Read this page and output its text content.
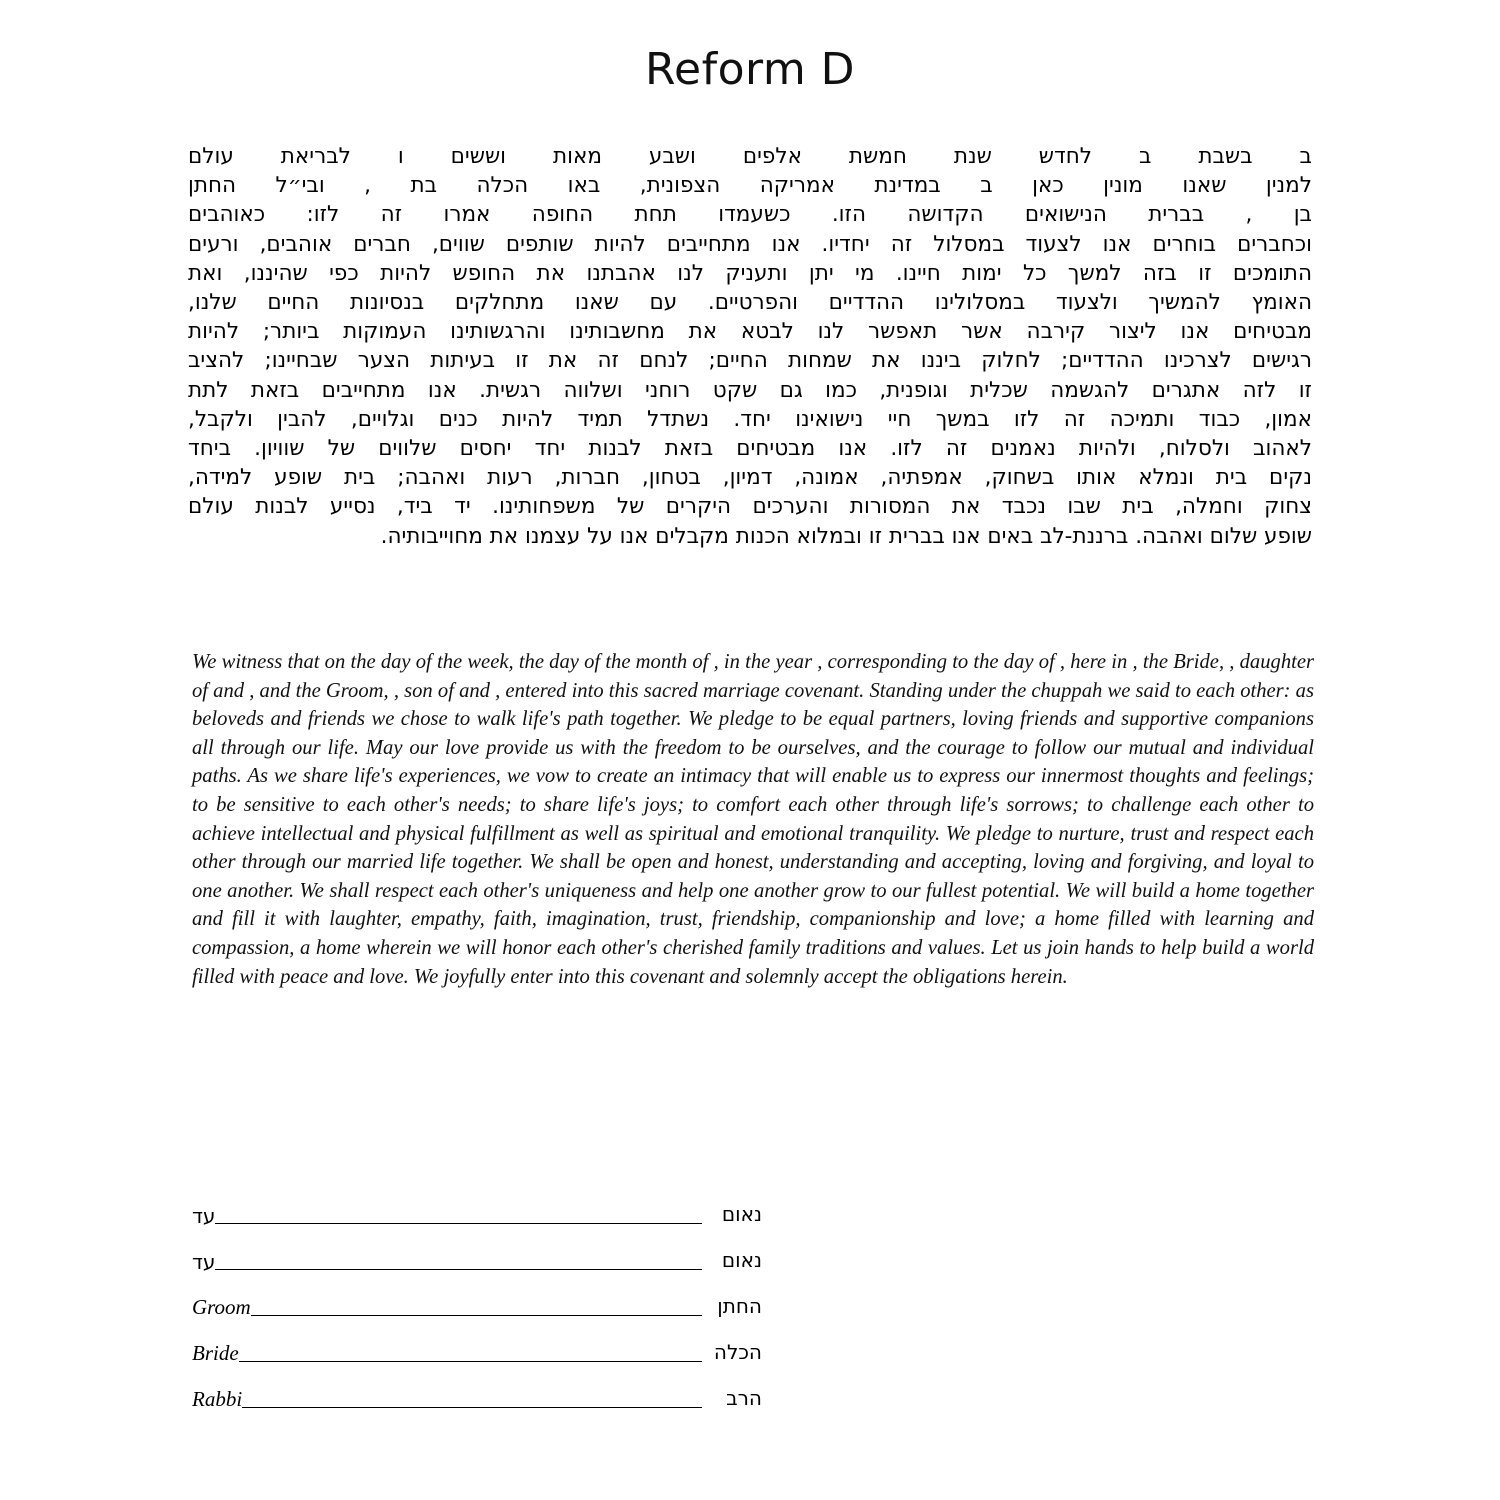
Reform D

ב בשבת ב לחדש שנת חמשת אלפים ושבע מאות וששים ו לבריאת עולם

למנין שאנו מונין כאן ב במדינת אמריקה הצפונית, באו הכלה בת , ובי״ל החתן

בן , בברית הנישואים הקדושה הזו. כשעמדו תחת החופה אמרו זה לזו: כאוהבים

וכחברים בוחרים אנו לצעוד במסלול זה יחדיו. אנו מתחייבים להיות שותפים שווים, חברים אוהבים, ורעים

התומכים זו בזה למשך כל ימות חיינו. מי יתן ותעניק לנו אהבתנו את החופש להיות כפי שהיננו, ואת

האומץ להמשיך ולצעוד במסלולינו ההדדיים והפרטיים. עם שאנו מתחלקים בנסיונות החיים שלנו,

מבטיחים אנו ליצור קירבה אשר תאפשר לנו לבטא את מחשבותינו והרגשותינו העמוקות ביותר; להיות

רגישים לצרכינו ההדדיים; לחלוק ביננו את שמחות החיים; לנחם זה את זו בעיתות הצער שבחיינו; להציב

זו לזה אתגרים להגשמה שכלית וגופנית, כמו גם שקט רוחני ושלווה רגשית. אנו מתחייבים בזאת לתת

אמון, כבוד ותמיכה זה לזו במשך חיי נישואינו יחד. נשתדל תמיד להיות כנים וגלויים, להבין ולקבל,

לאהוב ולסלוח, ולהיות נאמנים זה לזו. אנו מבטיחים בזאת לבנות יחד יחסים שלווים של שוויון. ביחד

נקים בית ונמלא אותו בשחוק, אמפתיה, אמונה, דמיון, בטחון, חברות, רעות ואהבה; בית שופע למידה,

צחוק וחמלה, בית שבו נכבד את המסורות והערכים היקרים של משפחותינו. יד ביד, נסייע לבנות עולם

שופע שלום ואהבה. ברננת-לב באים אנו בברית זו ובמלוא הכנות מקבלים אנו על עצמנו את מחוייבותיה.

We witness that on the day of the week, the day of the month of , in the year , corresponding to the day of , here in , the Bride, , daughter of and , and the Groom, , son of and , entered into this sacred marriage covenant. Standing under the chuppah we said to each other: as beloveds and friends we chose to walk life's path together. We pledge to be equal partners, loving friends and supportive companions all through our life. May our love provide us with the freedom to be ourselves, and the courage to follow our mutual and individual paths. As we share life's experiences, we vow to create an intimacy that will enable us to express our innermost thoughts and feelings; to be sensitive to each other's needs; to share life's joys; to comfort each other through life's sorrows; to challenge each other to achieve intellectual and physical fulfillment as well as spiritual and emotional tranquility. We pledge to nurture, trust and respect each other through our married life together. We shall be open and honest, understanding and accepting, loving and forgiving, and loyal to one another. We shall respect each other's uniqueness and help one another grow to our fullest potential. We will build a home together and fill it with laughter, empathy, faith, imagination, trust, friendship, companionship and love; a home filled with learning and compassion, a home wherein we will honor each other's cherished family traditions and values. Let us join hands to help build a world filled with peace and love. We joyfully enter into this covenant and solemnly accept the obligations herein.

עד	נאום
עד	נאום
Groom	החתן
Bride	הכלה
Rabbi	הרב
